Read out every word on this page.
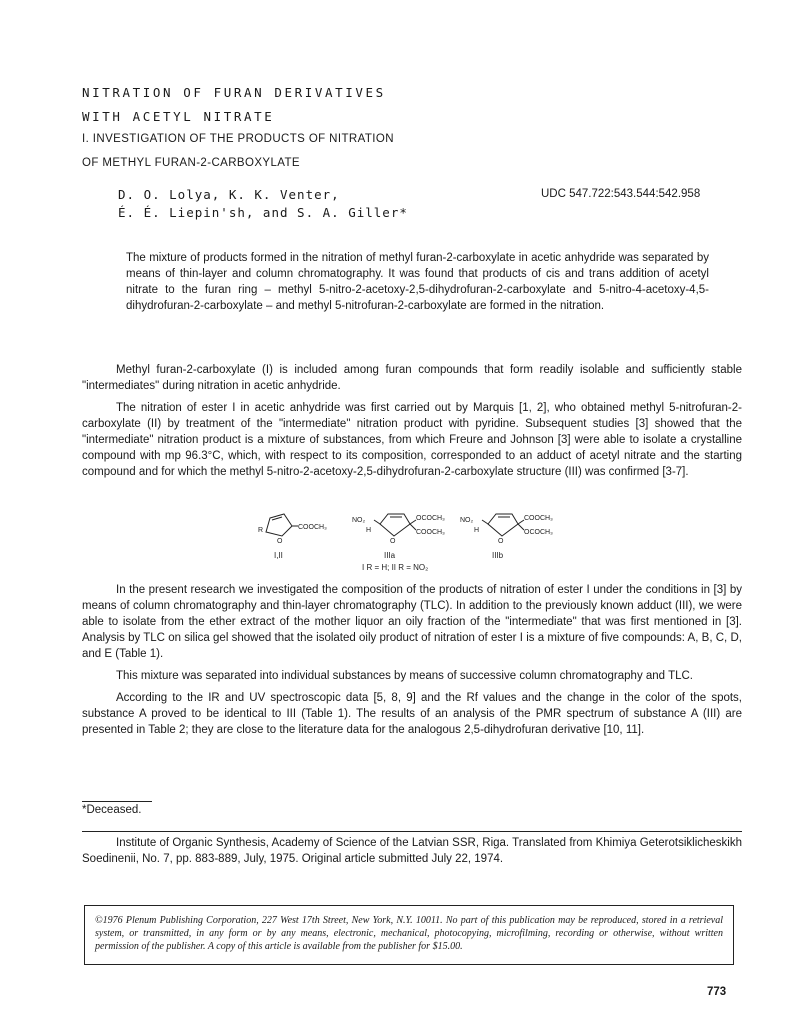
NITRATION OF FURAN DERIVATIVES
WITH ACETYL NITRATE
I. INVESTIGATION OF THE PRODUCTS OF NITRATION
OF METHYL FURAN-2-CARBOXYLATE
D. O. Lolya, K. K. Venter,
É. É. Liepin'sh, and S. A. Giller*
UDC 547.722:543.544:542.958
The mixture of products formed in the nitration of methyl furan-2-carboxylate in acetic anhydride was separated by means of thin-layer and column chromatography. It was found that products of cis and trans addition of acetyl nitrate to the furan ring – methyl 5-nitro-2-acetoxy-2,5-dihydrofuran-2-carboxylate and 5-nitro-4-acetoxy-4,5-dihydrofuran-2-carboxylate – and methyl 5-nitrofuran-2-carboxylate are formed in the nitration.

Methyl furan-2-carboxylate (I) is included among furan compounds that form readily isolable and sufficiently stable "intermediates" during nitration in acetic anhydride.

The nitration of ester I in acetic anhydride was first carried out by Marquis [1, 2], who obtained methyl 5-nitrofuran-2-carboxylate (II) by treatment of the "intermediate" nitration product with pyridine. Subsequent studies [3] showed that the "intermediate" nitration product is a mixture of substances, from which Freure and Johnson [3] were able to isolate a crystalline compound with mp 96.3°C, which, with respect to its composition, corresponded to an adduct of acetyl nitrate and the starting compound and for which the methyl 5-nitro-2-acetoxy-2,5-dihydrofuran-2-carboxylate structure (III) was confirmed [3-7].

R
O
COOCH₃
I,II
NO₂
H
O
OCOCH₃
COOCH₃
IIIa
NO₂
H
O
COOCH₃
OCOCH₃
IIIb
I R = H; II R = NO₂

In the present research we investigated the composition of the products of nitration of ester I under the conditions in [3] by means of column chromatography and thin-layer chromatography (TLC). In addition to the previously known adduct (III), we were able to isolate from the ether extract of the mother liquor an oily fraction of the "intermediate" that was first mentioned in [3]. Analysis by TLC on silica gel showed that the isolated oily product of nitration of ester I is a mixture of five compounds: A, B, C, D, and E (Table 1).

This mixture was separated into individual substances by means of successive column chromatography and TLC.

According to the IR and UV spectroscopic data [5, 8, 9] and the Rf values and the change in the color of the spots, substance A proved to be identical to III (Table 1). The results of an analysis of the PMR spectrum of substance A (III) are presented in Table 2; they are close to the literature data for the analogous 2,5-dihydrofuran derivative [10, 11].

*Deceased.
Institute of Organic Synthesis, Academy of Science of the Latvian SSR, Riga. Translated from Khimiya Geterotsiklicheskikh Soedinenii, No. 7, pp. 883-889, July, 1975. Original article submitted July 22, 1974.
©1976 Plenum Publishing Corporation, 227 West 17th Street, New York, N.Y. 10011. No part of this publication may be reproduced, stored in a retrieval system, or transmitted, in any form or by any means, electronic, mechanical, photocopying, microfilming, recording or otherwise, without written permission of the publisher. A copy of this article is available from the publisher for $15.00.
773
